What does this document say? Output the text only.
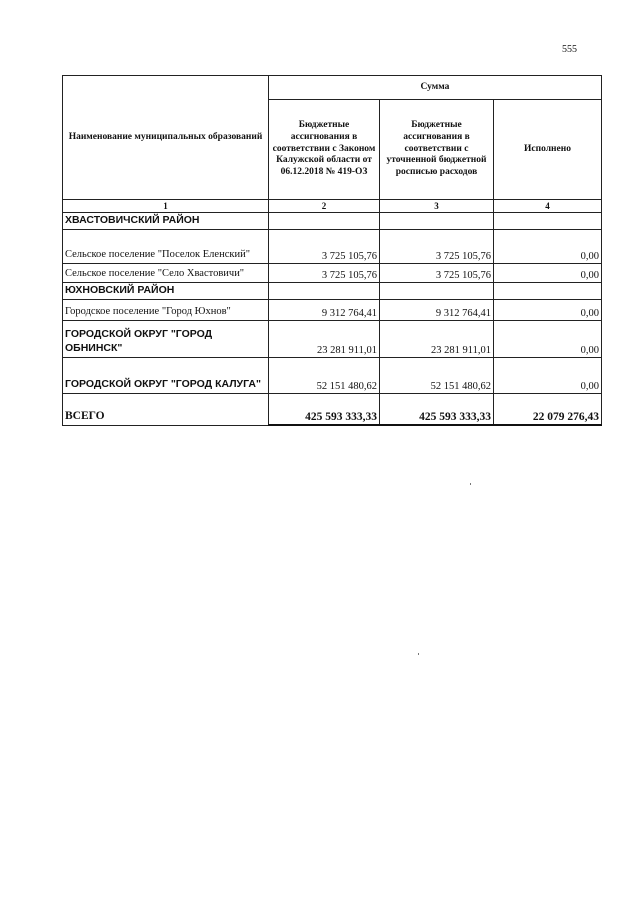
555
Наименование муниципальных образований	Сумма		
	Бюджетные ассигнования в соответствии с Законом Калужской области от 06.12.2018 № 419-ОЗ	Бюджетные ассигнования в соответствии с уточненной бюджетной росписью расходов	Исполнено
1	2	3	4
ХВАСТОВИЧСКИЙ РАЙОН			
Сельское поселение "Поселок Еленский"	3 725 105,76	3 725 105,76	0,00
Сельское поселение "Село Хвастовичи"	3 725 105,76	3 725 105,76	0,00
ЮХНОВСКИЙ РАЙОН			
Городское поселение "Город Юхнов"	9 312 764,41	9 312 764,41	0,00
ГОРОДСКОЙ ОКРУГ "ГОРОД ОБНИНСК"	23 281 911,01	23 281 911,01	0,00
ГОРОДСКОЙ ОКРУГ "ГОРОД КАЛУГА"	52 151 480,62	52 151 480,62	0,00
ВСЕГО	425 593 333,33	425 593 333,33	22 079 276,43
